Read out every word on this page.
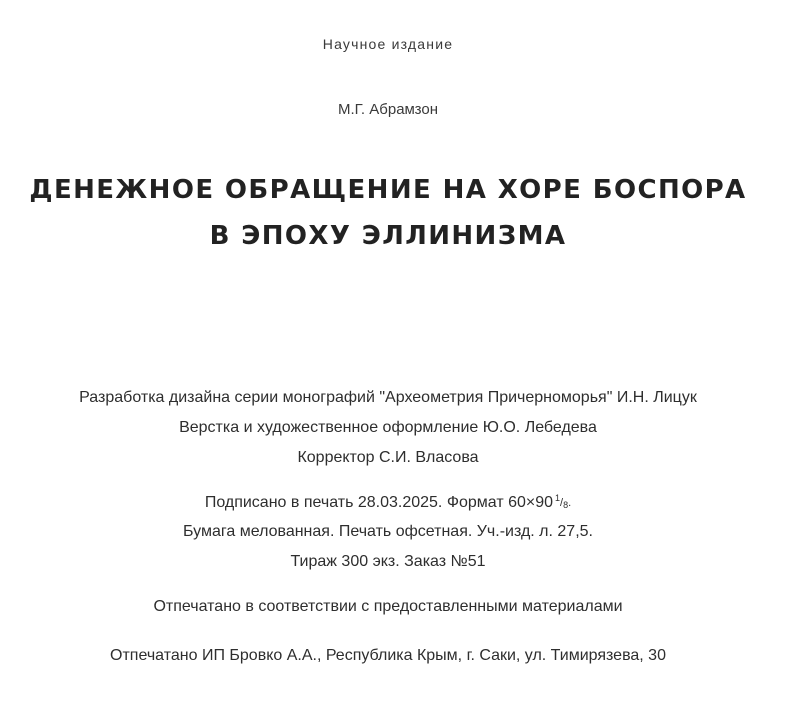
Научное издание
М.Г. Абрамзон
ДЕНЕЖНОЕ ОБРАЩЕНИЕ НА ХОРЕ БОСПОРА
В ЭПОХУ ЭЛЛИНИЗМА
Разработка дизайна серии монографий "Археометрия Причерноморья" И.Н. Лицук
Верстка и художественное оформление Ю.О. Лебедева
Корректор С.И. Власова
Подписано в печать 28.03.2025. Формат 60×90 $^1/_8$.
Бумага мелованная. Печать офсетная. Уч.-изд. л. 27,5.
Тираж 300 экз. Заказ №51
Отпечатано в соответствии с предоставленными материалами
Отпечатано ИП Бровко А.А., Республика Крым, г. Саки, ул. Тимирязева, 30
